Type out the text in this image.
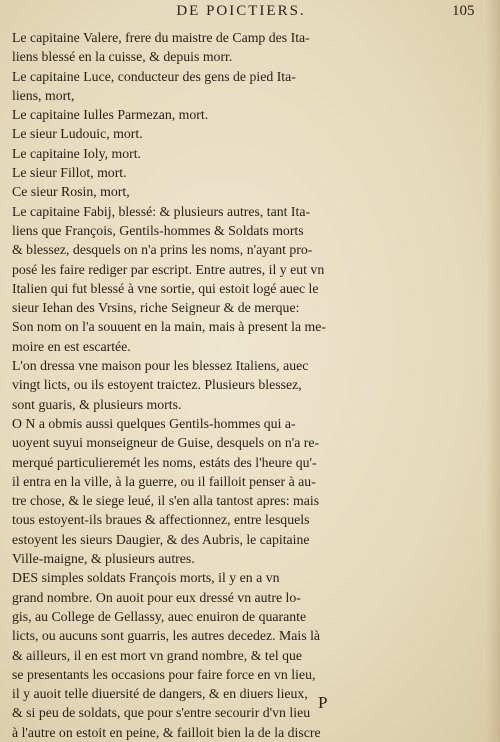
DE POICTIERS.	105
Le capitaine Valere, frere du maistre de Camp des Ita-
liens blessé en la cuisse, & depuis morr.
Le capitaine Luce, conducteur des gens de pied Ita-
liens, mort,
Le capitaine Iulles Parmezan, mort.
Le sieur Ludouic, mort.
Le capitaine Ioly, mort.
Le sieur Fillot, mort.
Ce sieur Rosin, mort,
Le capitaine Fabij, blessé: & plusieurs autres, tant Ita-
liens que François, Gentils-hommes & Soldats morts
& blessez, desquels on n'a prins les noms, n'ayant pro-
posé les faire rediger par escript. Entre autres, il y eut vn
Italien qui fut blessé à vne sortie, qui estoit logé auec le
sieur Iehan des Vrsins, riche Seigneur & de merque:
Son nom on l'a souuent en la main, mais à present la me-
moire en est escartée.
L'on dressa vne maison pour les blessez Italiens, auec
vingt licts, ou ils estoyent traictez. Plusieurs blessez,
sont guaris, & plusieurs morts.
O N a obmis aussi quelques Gentils-hommes qui a-
uoyent suyui monseigneur de Guise, desquels on n'a re-
merqué particulieremét les noms, estáts des l'heure qu'-
il entra en la ville, à la guerre, ou il failloit penser à au-
tre chose, & le siege leué, il s'en alla tantost apres: mais
tous estoyent-ils braues & affectionnez, entre lesquels
estoyent les sieurs Daugier, & des Aubris, le capitaine
Ville-maigne, & plusieurs autres.
DES simples soldats François morts, il y en a vn
grand nombre. On auoit pour eux dressé vn autre lo-
gis, au College de Gellassy, auec enuiron de quarante
licts, ou aucuns sont guarris, les autres decedez. Mais là
& ailleurs, il en est mort vn grand nombre, & tel que
se presentants les occasions pour faire force en vn lieu,
il y auoit telle diuersité de dangers, & en diuers lieux,
& si peu de soldats, que pour s'entre secourir d'vn lieu
à l'autre on estoit en peine, & failloit bien la de la discre
P
